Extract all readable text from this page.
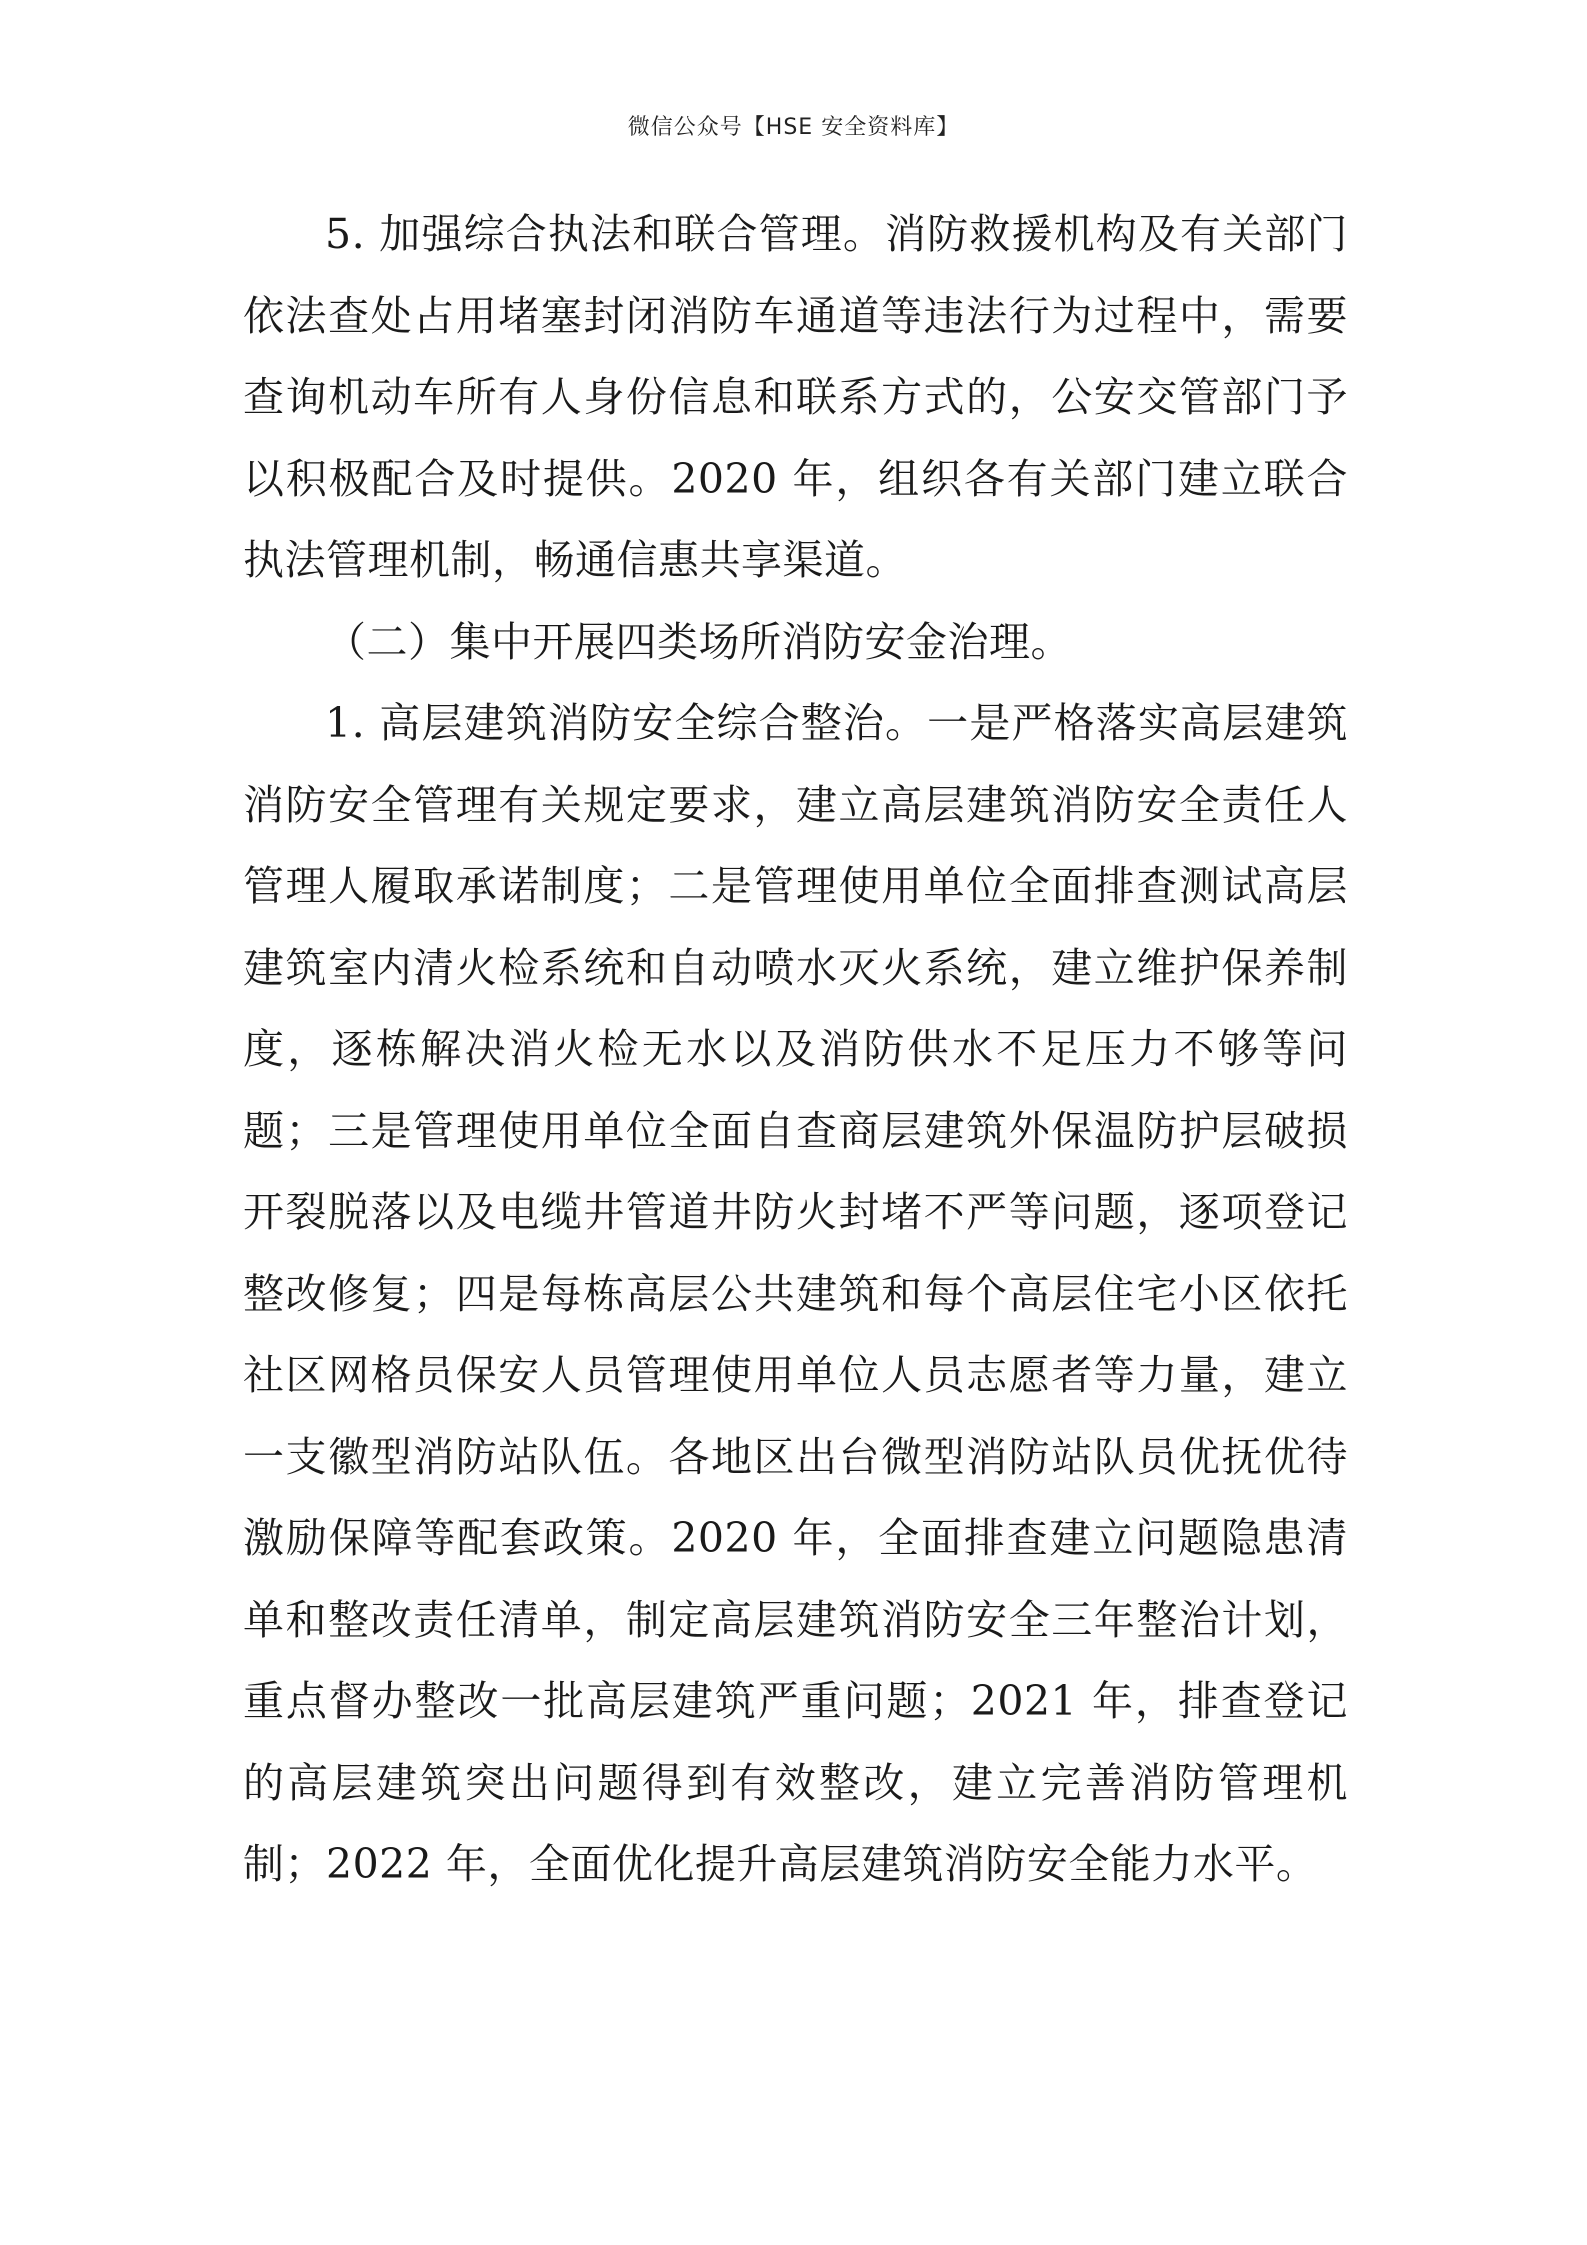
微信公众号【HSE 安全资料库】

5. 加强综合执法和联合管理。消防救援机构及有关部门依法查处占用堵塞封闭消防车通道等违法行为过程中，需要查询机动车所有人身份信息和联系方式的，公安交管部门予以积极配合及时提供。2020 年，组织各有关部门建立联合执法管理机制，畅通信惠共享渠道。

（二）集中开展四类场所消防安金治理。

1. 高层建筑消防安全综合整治。一是严格落实高层建筑消防安全管理有关规定要求，建立高层建筑消防安全责任人管理人履取承诺制度；二是管理使用单位全面排查测试高层建筑室内清火检系统和自动喷水灭火系统，建立维护保养制度，逐栋解决消火检无水以及消防供水不足压力不够等问题；三是管理使用单位全面自查商层建筑外保温防护层破损开裂脱落以及电缆井管道井防火封堵不严等问题，逐项登记整改修复；四是每栋高层公共建筑和每个高层住宅小区依托社区网格员保安人员管理使用单位人员志愿者等力量，建立一支徽型消防站队伍。各地区出台微型消防站队员优抚优待激励保障等配套政策。2020 年，全面排查建立问题隐患清单和整改责任清单，制定高层建筑消防安全三年整治计划，重点督办整改一批高层建筑严重问题；2021 年，排查登记的高层建筑突出问题得到有效整改，建立完善消防管理机制；2022 年，全面优化提升高层建筑消防安全能力水平。
